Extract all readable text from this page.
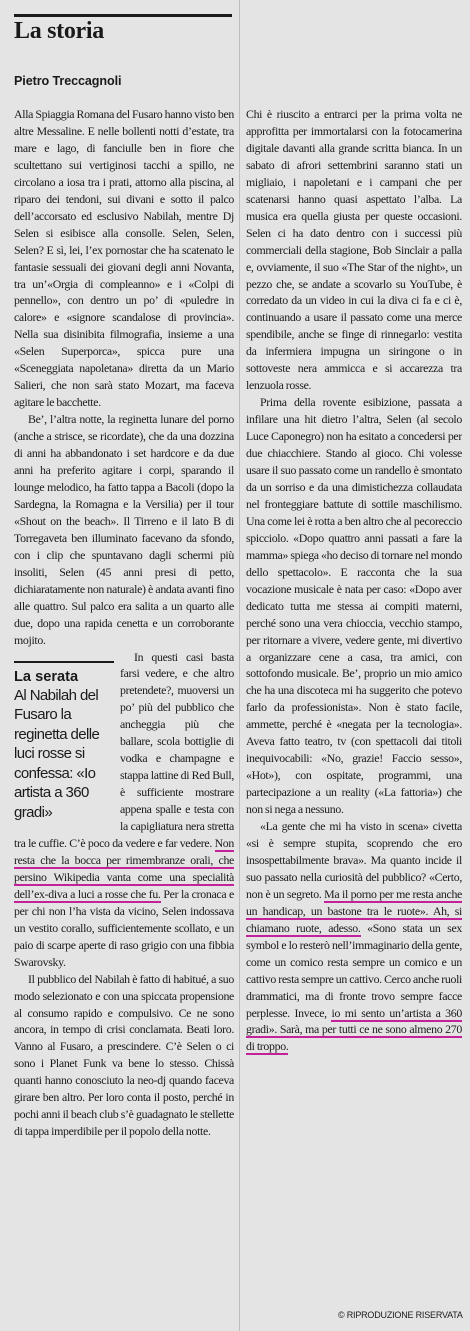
La storia
Pietro Treccagnoli

Alla Spiaggia Romana del Fusaro hanno visto ben altre Messaline. E nelle bollenti notti d’estate, tra mare e lago, di fanciulle ben in fiore che scultettano sui vertiginosi tacchi a spillo, ne circolano a iosa tra i prati, attorno alla piscina, al riparo dei tendoni, sui divani e sotto il palco dell’accorsato ed esclusivo Nabilah, mentre Dj Selen si esibisce alla consolle. Selen, Selen, Selen? E sì, lei, l’ex pornostar che ha scatenato le fantasie sessuali dei giovani degli anni Novanta, tra un’«Orgia di compleanno» e i «Colpi di pennello», con dentro un po’ di «puledre in calore» e «signore scandalose di provincia». Nella sua disinibita filmografia, insieme a una «Selen Superporca», spicca pure una «Sceneggiata napoletana» diretta da un Mario Salieri, che non sarà stato Mozart, ma faceva agitare le bacchette.

Be’, l’altra notte, la reginetta lunare del porno (anche a strisce, se ricordate), che da una dozzina di anni ha abbandonato i set hardcore e da due anni ha preferito agitare i corpi, sparando il lounge melodico, ha fatto tappa a Bacoli (dopo la Sardegna, la Romagna e la Versilia) per il tour «Shout on the beach». Il Tirreno e il lato B di Torregaveta ben illuminato facevano da sfondo, con i clip che spuntavano dagli schermi più insoliti, Selen (45 anni presi di petto, dichiaratamente non naturale) è andata avanti fino alle quattro. Sul palco era salita a un quarto alle due, dopo una rapida cenetta e un corroborante mojito.

La serata
Al Nabilah del Fusaro la reginetta delle luci rosse si confessa: «Io artista a 360 gradi»

In questi casi basta farsi vedere, e che altro pretendete?, muoversi un po’ più del pubblico che ancheggia più che ballare, scola bottiglie di vodka e champagne e stappa lattine di Red Bull, è sufficiente mostrare appena spalle e testa con la capigliatura nera stretta tra le cuffie. C’è poco da vedere e far vedere. Non resta che la bocca per rimembranze orali, che persino Wikipedia vanta come una specialità dell’ex-diva a luci a rosse che fu. Per la cronaca e per chi non l’ha vista da vicino, Selen indossava un vestito corallo, sufficientemente scollato, e un paio di scarpe aperte di raso grigio con una fibbia Swarovsky.

Il pubblico del Nabilah è fatto di habitué, a suo modo selezionato e con una spiccata propensione al consumo rapido e compulsivo. Ce ne sono ancora, in tempo di crisi conclamata. Beati loro. Vanno al Fusaro, a prescindere. C’è Selen o ci sono i Planet Funk va bene lo stesso. Chissà quanti hanno conosciuto la neo-dj quando faceva girare ben altro. Per loro conta il posto, perché in pochi anni il beach club s’è guadagnato le stellette di tappa imperdibile per il popolo della notte.

Chi è riuscito a entrarci per la prima volta ne approfitta per immortalarsi con la fotocamerina digitale davanti alla grande scritta bianca. In un sabato di afrori settembrini saranno stati un migliaio, i napoletani e i campani che per scatenarsi hanno quasi aspettato l’alba. La musica era quella giusta per queste occasioni. Selen ci ha dato dentro con i successi più commerciali della stagione, Bob Sinclair a palla e, ovviamente, il suo «The Star of the night», un pezzo che, se andate a scovarlo su YouTube, è corredato da un video in cui la diva ci fa e ci è, continuando a usare il passato come una merce spendibile, anche se finge di rinnegarlo: vestita da infermiera impugna un siringone o in sottoveste nera ammicca e si accarezza tra lenzuola rosse.

Prima della rovente esibizione, passata a infilare una hit dietro l’altra, Selen (al secolo Luce Caponegro) non ha esitato a concedersi per due chiacchiere. Stando al gioco. Chi volesse usare il suo passato come un randello è smontato da un sorriso e da una dimistichezza collaudata nel fronteggiare battute di sottile maschilismo. Una come lei è rotta a ben altro che al pecoreccio spicciolo. «Dopo quattro anni passati a fare la mamma» spiega «ho deciso di tornare nel mondo dello spettacolo». E racconta che la sua vocazione musicale è nata per caso: «Dopo aver dedicato tutta me stessa ai compiti materni, perché sono una vera chioccia, vecchio stampo, per ritornare a vivere, vedere gente, mi divertivo a organizzare cene a casa, tra amici, con sottofondo musicale. Be’, proprio un mio amico che ha una discoteca mi ha suggerito che potevo farlo da professionista». Non è stato facile, ammette, perché è «negata per la tecnologia». Aveva fatto teatro, tv (con spettacoli dai titoli inequivocabili: «No, grazie! Faccio sesso», «Hot»), con ospitate, programmi, una partecipazione a un reality («La fattoria») che non si nega a nessuno.

«La gente che mi ha visto in scena» civetta «si è sempre stupita, scoprendo che ero insospettabilmente brava». Ma quanto incide il suo passato nella curiosità del pubblico? «Certo, non è un segreto. Ma il porno per me resta anche un handicap, un bastone tra le ruote». Ah, si chiamano ruote, adesso. «Sono stata un sex symbol e lo resterò nell’immaginario della gente, come un comico resta sempre un comico e un cattivo resta sempre un cattivo. Cerco anche ruoli drammatici, ma di fronte trovo sempre facce perplesse. Invece, io mi sento un’artista a 360 gradi». Sarà, ma per tutti ce ne sono almeno 270 di troppo.

© RIPRODUZIONE RISERVATA
